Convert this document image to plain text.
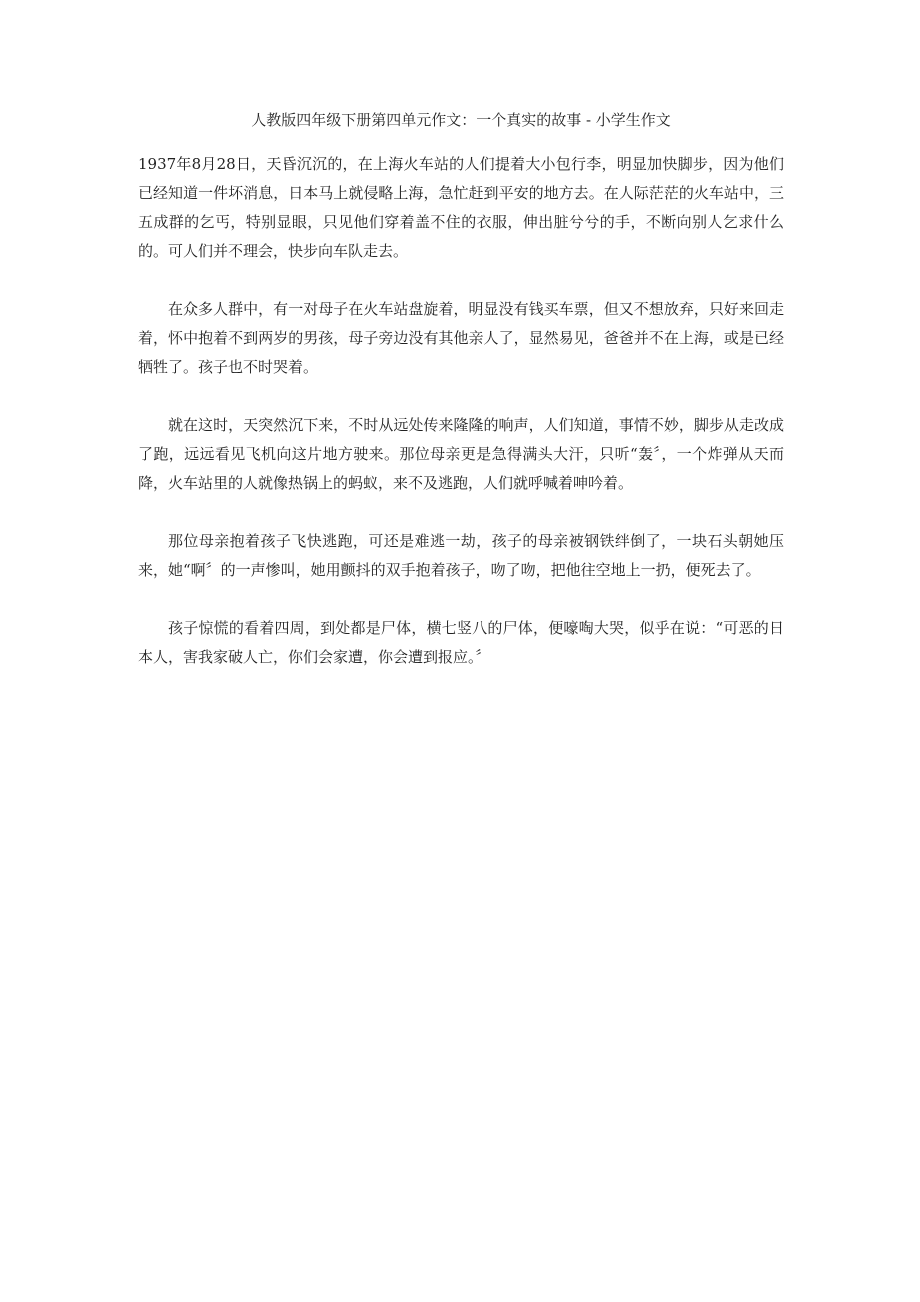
人教版四年级下册第四单元作文：一个真实的故事 - 小学生作文

1937年8月28日，天昏沉沉的，在上海火车站的人们提着大小包行李，明显加快脚步，因为他们已经知道一件坏消息，日本马上就侵略上海，急忙赶到平安的地方去。在人际茫茫的火车站中，三五成群的乞丐，特别显眼，只见他们穿着盖不住的衣服，伸出脏兮兮的手，不断向别人乞求什么的。可人们并不理会，快步向车队走去。

在众多人群中，有一对母子在火车站盘旋着，明显没有钱买车票，但又不想放弃，只好来回走着，怀中抱着不到两岁的男孩，母子旁边没有其他亲人了，显然易见，爸爸并不在上海，或是已经牺牲了。孩子也不时哭着。

就在这时，天突然沉下来，不时从远处传来隆隆的响声，人们知道，事情不妙，脚步从走改成了跑，远远看见飞机向这片地方驶来。那位母亲更是急得满头大汗，只听“轰〞，一个炸弹从天而降，火车站里的人就像热锅上的蚂蚁，来不及逃跑，人们就呼喊着呻吟着。

那位母亲抱着孩子飞快逃跑，可还是难逃一劫，孩子的母亲被钢铁绊倒了，一块石头朝她压来，她“啊〞的一声惨叫，她用颤抖的双手抱着孩子，吻了吻，把他往空地上一扔，便死去了。

孩子惊慌的看着四周，到处都是尸体，横七竖八的尸体，便嚎啕大哭，似乎在说：“可恶的日本人，害我家破人亡，你们会家遭，你会遭到报应。〞
